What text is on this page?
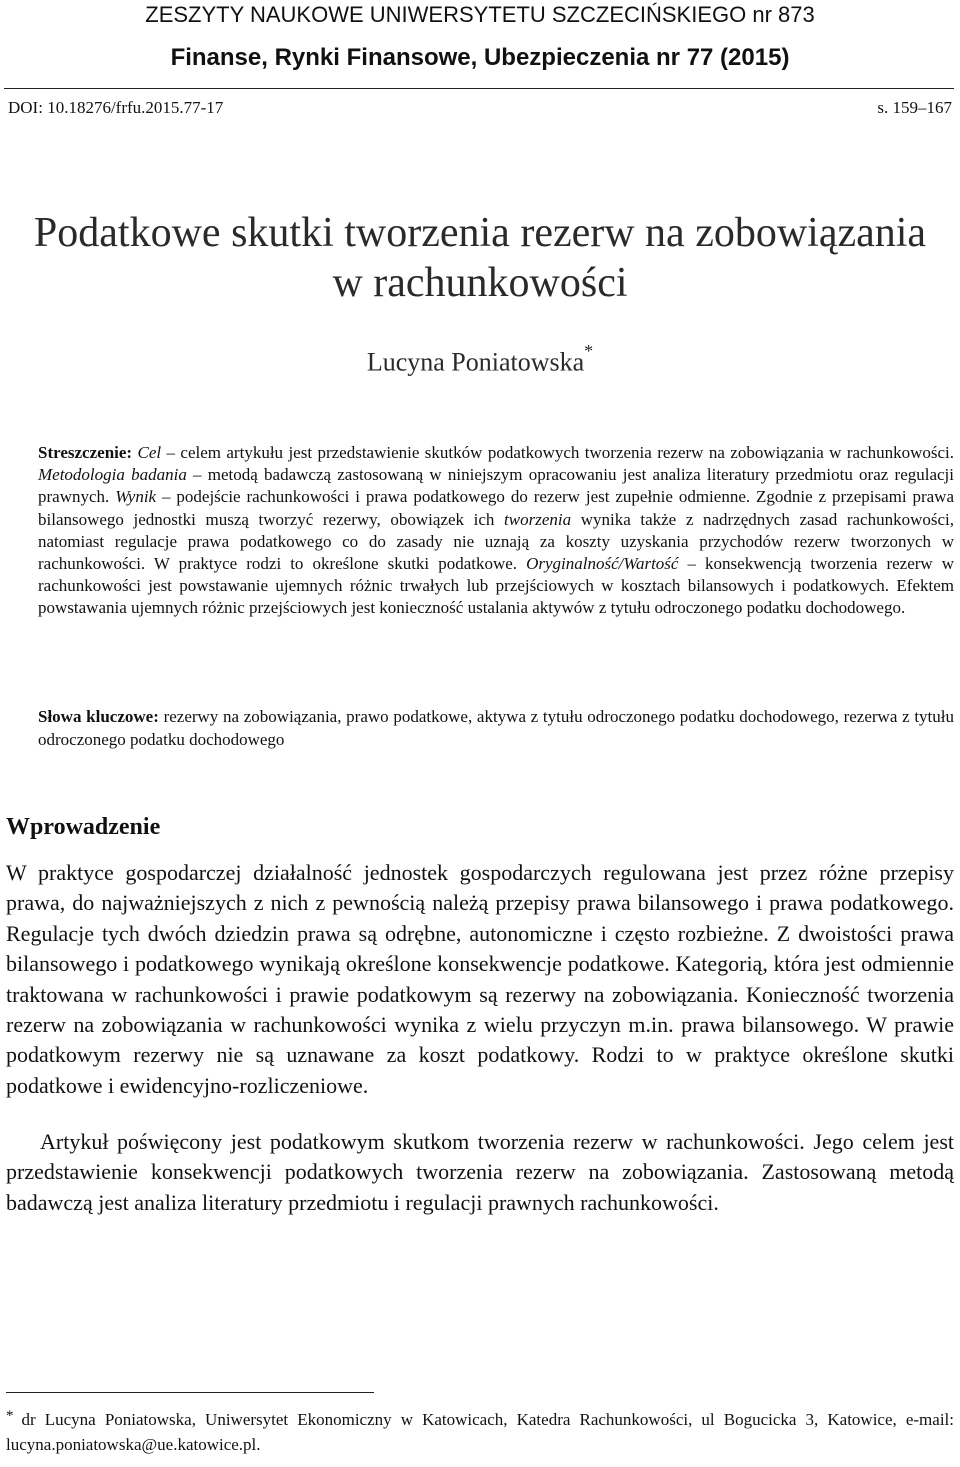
ZESZYTY NAUKOWE UNIWERSYTETU SZCZECIŃSKIEGO nr 873
Finanse, Rynki Finansowe, Ubezpieczenia nr 77 (2015)
DOI: 10.18276/frfu.2015.77-17	s. 159–167
Podatkowe skutki tworzenia rezerw na zobowiązania
w rachunkowości
Lucyna Poniatowska*

Streszczenie: Cel – celem artykułu jest przedstawienie skutków podatkowych tworzenia rezerw na zobowiązania w rachunkowości. Metodologia badania – metodą badawczą zastosowaną w niniejszym opracowaniu jest analiza literatury przedmiotu oraz regulacji prawnych. Wynik – podejście rachunkowości i prawa podatkowego do rezerw jest zupełnie odmienne. Zgodnie z przepisami prawa bilansowego jednostki muszą tworzyć rezerwy, obowiązek ich tworzenia wynika także z nadrzędnych zasad rachunkowości, natomiast regulacje prawa podatkowego co do zasady nie uznają za koszty uzyskania przychodów rezerw tworzonych w rachunkowości. W praktyce rodzi to określone skutki podatkowe. Oryginalność/Wartość – konsekwencją tworzenia rezerw w rachunkowości jest powstawanie ujemnych różnic trwałych lub przejściowych w kosztach bilansowych i podatkowych. Efektem powstawania ujemnych różnic przejściowych jest konieczność ustalania aktywów z tytułu odroczonego podatku dochodowego.

Słowa kluczowe: rezerwy na zobowiązania, prawo podatkowe, aktywa z tytułu odroczonego podatku dochodowego, rezerwa z tytułu odroczonego podatku dochodowego

Wprowadzenie

W praktyce gospodarczej działalność jednostek gospodarczych regulowana jest przez różne przepisy prawa, do najważniejszych z nich z pewnością należą przepisy prawa bilansowego i prawa podatkowego. Regulacje tych dwóch dziedzin prawa są odrębne, autonomiczne i często rozbieżne. Z dwoistości prawa bilansowego i podatkowego wynikają określone konsekwencje podatkowe. Kategorią, która jest odmiennie traktowana w rachunkowości i prawie podatkowym są rezerwy na zobowiązania. Konieczność tworzenia rezerw na zobowiązania w rachunkowości wynika z wielu przyczyn m.in. prawa bilansowego. W prawie podatkowym rezerwy nie są uznawane za koszt podatkowy. Rodzi to w praktyce określone skutki podatkowe i ewidencyjno-rozliczeniowe.

Artykuł poświęcony jest podatkowym skutkom tworzenia rezerw w rachunkowości. Jego celem jest przedstawienie konsekwencji podatkowych tworzenia rezerw na zobowiązania. Zastosowaną metodą badawczą jest analiza literatury przedmiotu i regulacji prawnych rachunkowości.

* dr Lucyna Poniatowska, Uniwersytet Ekonomiczny w Katowicach, Katedra Rachunkowości, ul Bogucicka 3, Katowice, e-mail: lucyna.poniatowska@ue.katowice.pl.
